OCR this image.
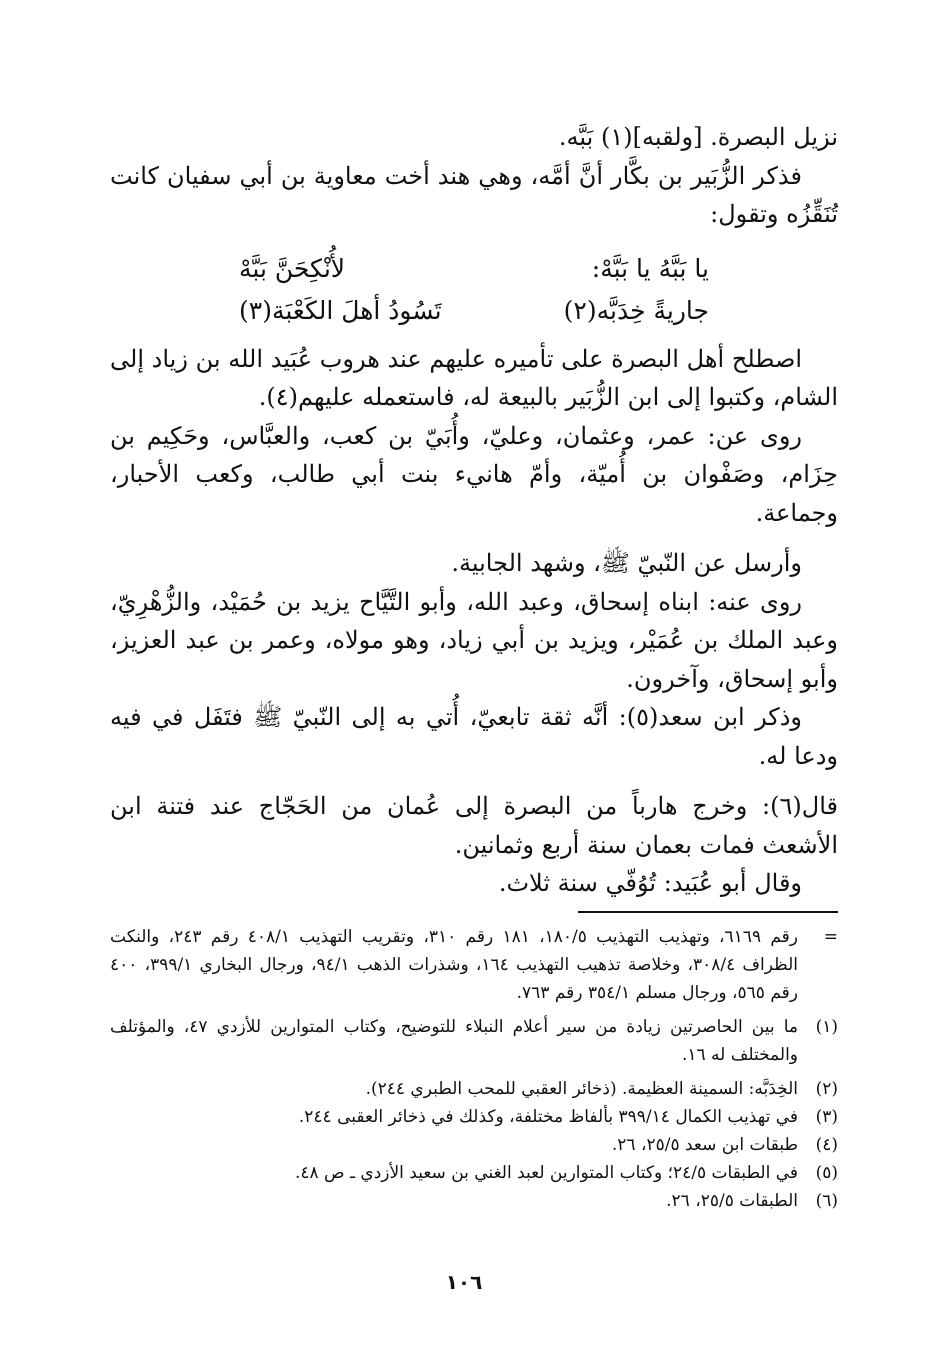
نزيل البصرة. [ولقبه](١) بَبَّه.

فذكر الزُّبَير بن بكَّار أنَّ أمَّه، وهي هند أخت معاوية بن أبي سفيان كانت تُنَقِّزُه وتقول:

يا بَبَّهُ يا بَبَّهْ:
لأُنْكِحَنَّ بَبَّهْ
جاريةً خِدَبَّه(٢)
تَسُودُ أهلَ الكَعْبَة(٣)

اصطلح أهل البصرة على تأميره عليهم عند هروب عُبَيد الله بن زياد إلى الشام، وكتبوا إلى ابن الزُّبَير بالبيعة له، فاستعمله عليهم(٤).

روى عن: عمر، وعثمان، وعليّ، وأُبَيّ بن كعب، والعبَّاس، وحَكِيم بن حِزَام، وصَفْوان بن أُميّة، وأمّ هانيء بنت أبي طالب، وكعب الأحبار، وجماعة.

وأرسل عن النّبيّ ﷺ، وشهد الجابية.

روى عنه: ابناه إسحاق، وعبد الله، وأبو التَّيَّاح يزيد بن حُمَيْد، والزُّهْرِيّ، وعبد الملك بن عُمَيْر، ويزيد بن أبي زياد، وهو مولاه، وعمر بن عبد العزيز، وأبو إسحاق، وآخرون.

وذكر ابن سعد(٥): أنَّه ثقة تابعيّ، أُتي به إلى النّبيّ ﷺ فتَفَل في فيه ودعا له.

قال(٦): وخرج هارباً من البصرة إلى عُمان من الحَجّاج عند فتنة ابن الأشعث فمات بعمان سنة أربع وثمانين.

وقال أبو عُبَيد: تُوُفّي سنة ثلاث.

=
رقم ٦١٦٩، وتهذيب التهذيب ١٨٠/٥، ١٨١ رقم ٣١٠، وتقريب التهذيب ٤٠٨/١ رقم ٢٤٣، والنكت الظراف ٣٠٨/٤، وخلاصة تذهيب التهذيب ١٦٤، وشذرات الذهب ٩٤/١، ورجال البخاري ٣٩٩/١، ٤٠٠ رقم ٥٦٥، ورجال مسلم ٣٥٤/١ رقم ٧٦٣.
(١)
ما بين الحاصرتين زيادة من سير أعلام النبلاء للتوضيح، وكتاب المتوارين للأزدي ٤٧، والمؤتلف والمختلف له ١٦.
(٢)
الخِدَبَّه: السمينة العظيمة. (ذخائر العقبي للمحب الطبري ٢٤٤).
(٣)
في تهذيب الكمال ٣٩٩/١٤ بألفاظ مختلفة، وكذلك في ذخائر العقبى ٢٤٤.
(٤)
طبقات ابن سعد ٢٥/٥، ٢٦.
(٥)
في الطبقات ٢٤/٥؛ وكتاب المتوارين لعبد الغني بن سعيد الأزدي ـ ص ٤٨.
(٦)
الطبقات ٢٥/٥، ٢٦.
١٠٦
